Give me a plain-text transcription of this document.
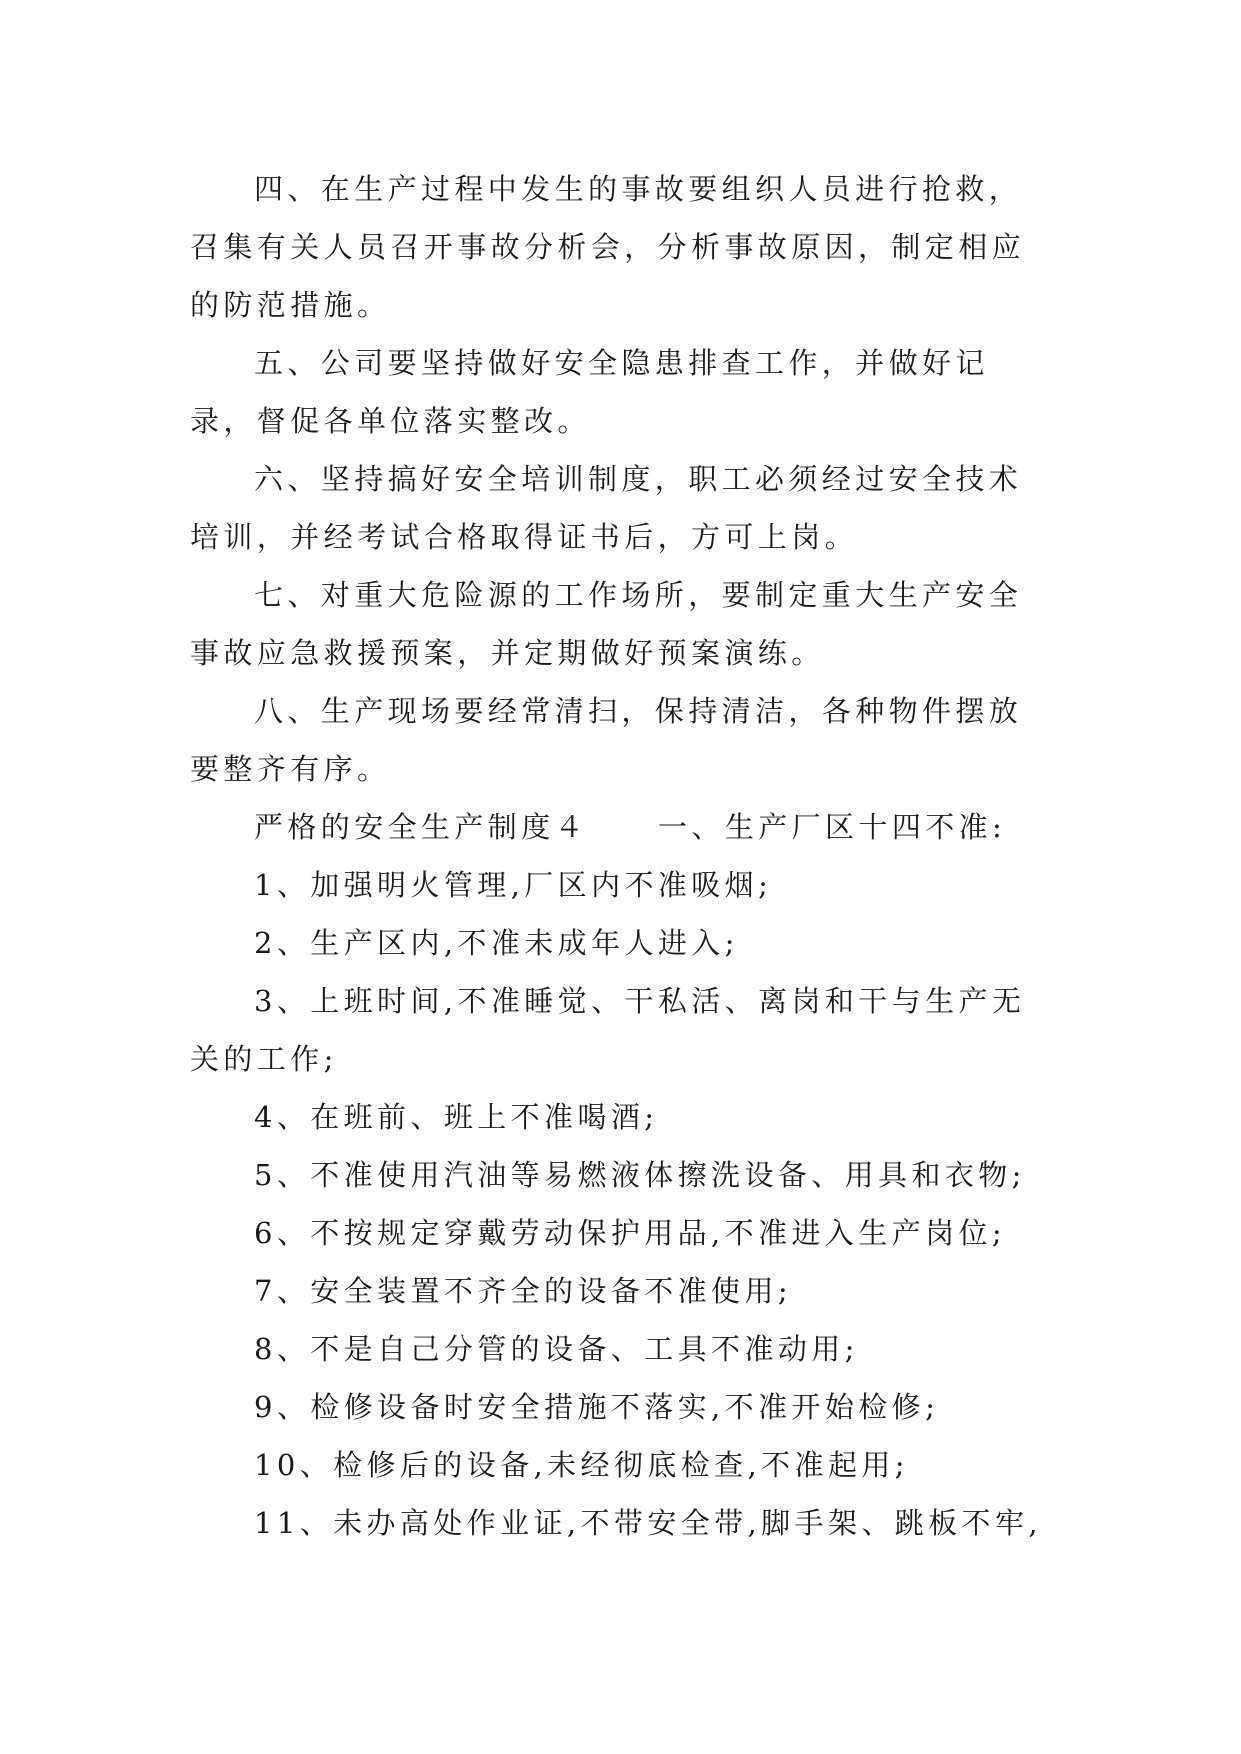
四、在生产过程中发生的事故要组织人员进行抢救，召集有关人员召开事故分析会，分析事故原因，制定相应的防范措施。

五、公司要坚持做好安全隐患排查工作，并做好记录，督促各单位落实整改。

六、坚持搞好安全培训制度，职工必须经过安全技术培训，并经考试合格取得证书后，方可上岗。

七、对重大危险源的工作场所，要制定重大生产安全事故应急救援预案，并定期做好预案演练。

八、生产现场要经常清扫，保持清洁，各种物件摆放要整齐有序。

严格的安全生产制度４ 一、生产厂区十四不准:

1、加强明火管理,厂区内不准吸烟;

2、生产区内,不准未成年人进入;

3、上班时间,不准睡觉、干私活、离岗和干与生产无关的工作;

4、在班前、班上不准喝酒;

5、不准使用汽油等易燃液体擦洗设备、用具和衣物;

6、不按规定穿戴劳动保护用品,不准进入生产岗位;

7、安全装置不齐全的设备不准使用;

8、不是自己分管的设备、工具不准动用;

9、检修设备时安全措施不落实,不准开始检修;

10、检修后的设备,未经彻底检查,不准起用;

11、未办高处作业证,不带安全带,脚手架、跳板不牢,
